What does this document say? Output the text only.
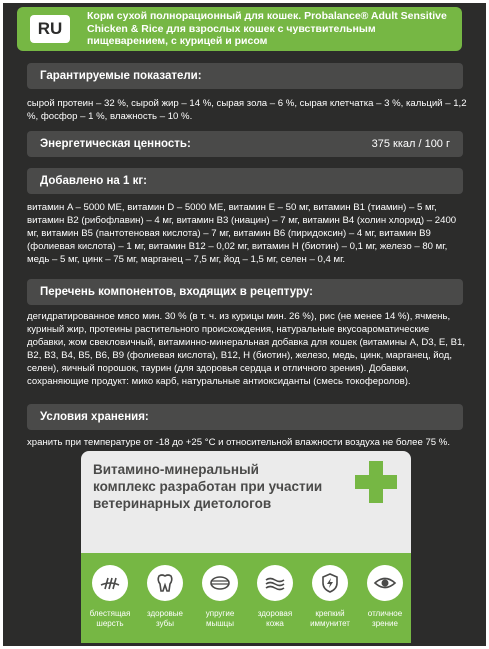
RU
Корм сухой полнорационный для кошек. Probalance® Adult Sensitive Chicken & Rice для взрослых кошек с чувствительным пищеварением, с курицей и рисом
Гарантируемые показатели:
сырой протеин – 32 %, сырой жир – 14 %, сырая зола – 6 %, сырая клетчатка – 3 %, кальций – 1,2 %, фосфор – 1 %, влажность – 10 %.
Энергетическая ценность:	375 ккал / 100 г
Добавлено на 1 кг:
витамин A – 5000 МЕ, витамин D – 5000 МЕ, витамин E – 50 мг, витамин B1 (тиамин) – 5 мг, витамин B2 (рибофлавин) – 4 мг, витамин B3 (ниацин) – 7 мг, витамин B4 (холин хлорид) – 2400 мг, витамин B5 (пантотеновая кислота) – 7 мг, витамин B6 (пиридоксин) – 4 мг, витамин B9 (фолиевая кислота) – 1 мг, витамин B12 – 0,02 мг, витамин H (биотин) – 0,1 мг, железо – 80 мг, медь – 5 мг, цинк – 75 мг, марганец – 7,5 мг, йод – 1,5 мг, селен – 0,4 мг.
Перечень компонентов, входящих в рецептуру:
дегидратированное мясо мин. 30 % (в т. ч. из курицы мин. 26 %), рис (не менее 14 %), ячмень, куриный жир, протеины растительного происхождения, натуральные вкусоароматические добавки, жом свекловичный, витаминно-минеральная добавка для кошек (витамины A, D3, E, B1, B2, B3, B4, B5, B6, B9 (фолиевая кислота), B12, H (биотин), железо, медь, цинк, марганец, йод, селен), яичный порошок, таурин (для здоровья сердца и отличного зрения). Добавки, сохраняющие продукт: мико карб, натуральные антиоксиданты (смесь токоферолов).
Условия хранения:
хранить при температуре от -18 до +25 °C и относительной влажности воздуха не более 75 %.
Витамино-минеральный комплекс разработан при участии ветеринарных диетологов
блестящая шерсть
здоровые зубы
упругие мышцы
здоровая кожа
крепкий иммунитет
отличное зрение
